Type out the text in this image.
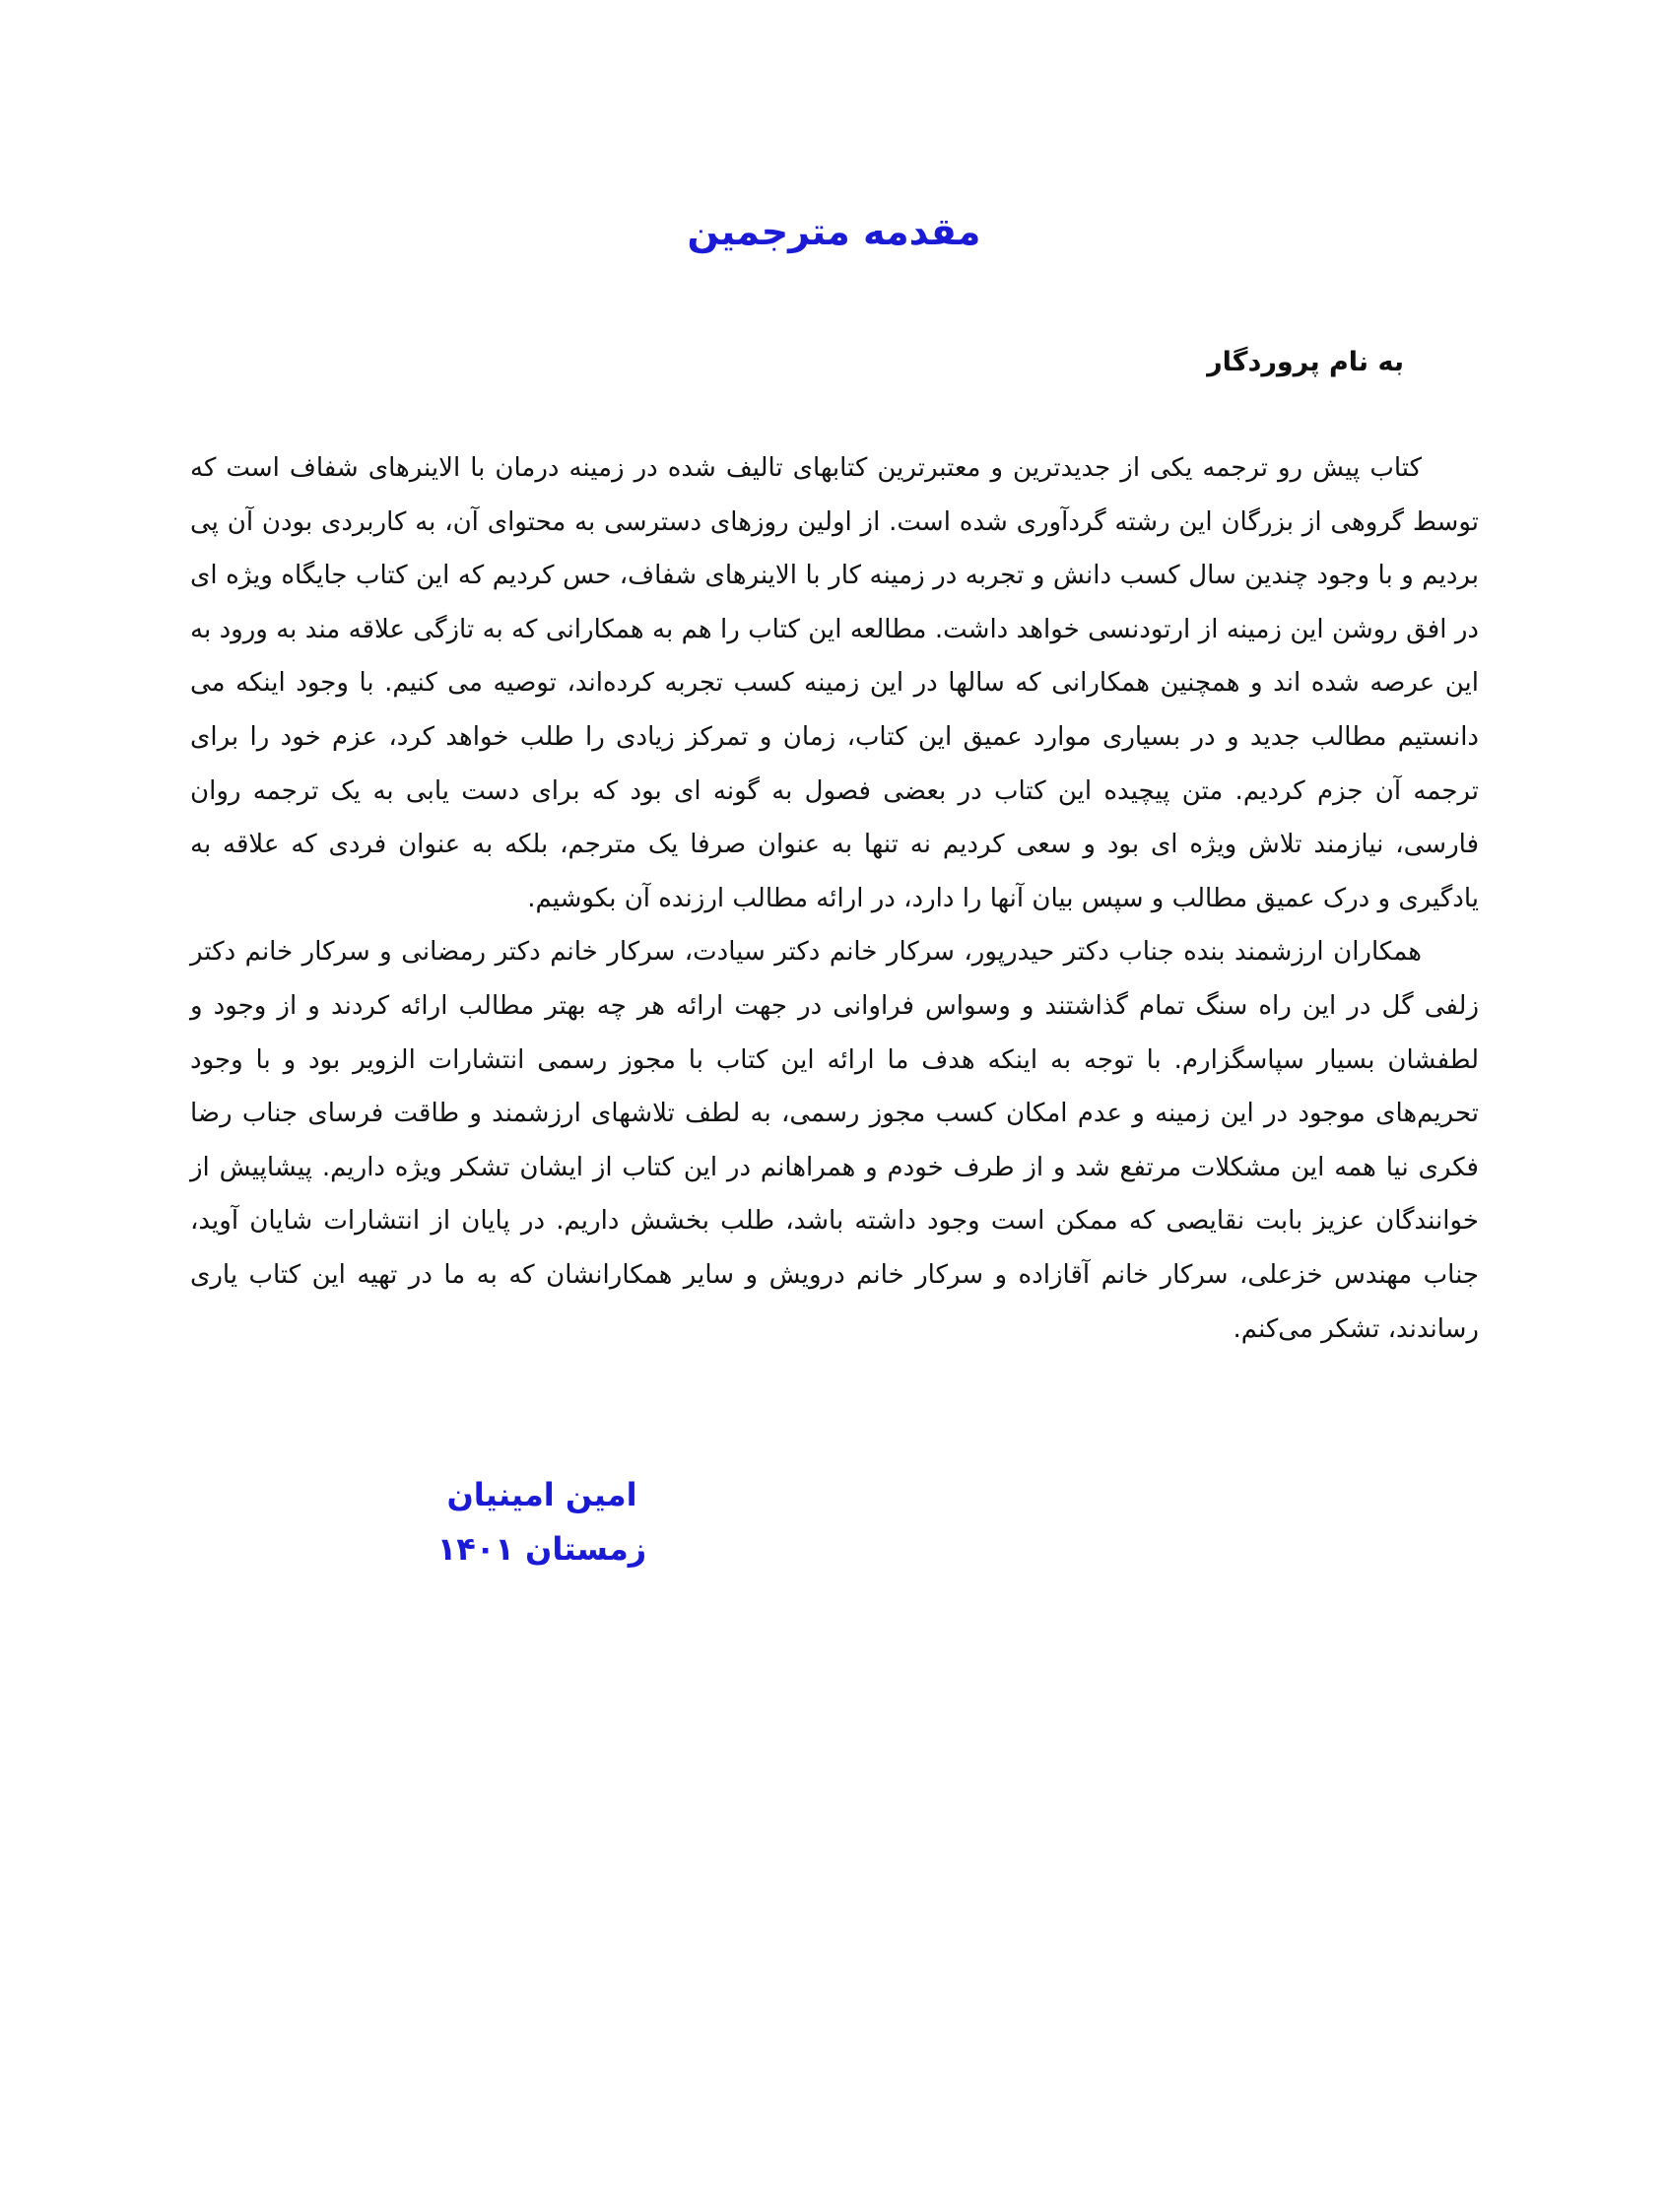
مقدمه مترجمین
به نام پروردگار

کتاب پیش رو ترجمه یکی از جدیدترین و معتبرترین کتابهای تالیف شده در زمینه درمان با الاینرهای شفاف است که توسط گروهی از بزرگان این رشته گردآوری شده است. از اولین روزهای دسترسی به محتوای آن، به کاربردی بودن آن پی بردیم و با وجود چندین سال کسب دانش و تجربه در زمینه کار با الاینرهای شفاف، حس کردیم که این کتاب جایگاه ویژه ای در افق روشن این زمینه از ارتودنسی خواهد داشت. مطالعه این کتاب را هم به همکارانی که به تازگی علاقه مند به ورود به این عرصه شده اند و همچنین همکارانی که سالها در این زمینه کسب تجربه کرده‌اند، توصیه می کنیم. با وجود اینکه می دانستیم مطالب جدید و در بسیاری موارد عمیق این کتاب، زمان و تمرکز زیادی را طلب خواهد کرد، عزم خود را برای ترجمه آن جزم کردیم. متن پیچیده این کتاب در بعضی فصول به گونه ای بود که برای دست یابی به یک ترجمه روان فارسی، نیازمند تلاش ویژه ای بود و سعی کردیم نه تنها به عنوان صرفا یک مترجم، بلکه به عنوان فردی که علاقه به یادگیری و درک عمیق مطالب و سپس بیان آنها را دارد، در ارائه مطالب ارزنده آن بکوشیم.

همکاران ارزشمند بنده جناب دکتر حیدرپور، سرکار خانم دکتر سیادت، سرکار خانم دکتر رمضانی و سرکار خانم دکتر زلفی گل در این راه سنگ تمام گذاشتند و وسواس فراوانی در جهت ارائه هر چه بهتر مطالب ارائه کردند و از وجود و لطفشان بسیار سپاسگزارم. با توجه به اینکه هدف ما ارائه این کتاب با مجوز رسمی انتشارات الزویر بود و با وجود تحریم‌های موجود در این زمینه و عدم امکان کسب مجوز رسمی، به لطف تلاشهای ارزشمند و طاقت فرسای جناب رضا فکری نیا همه این مشکلات مرتفع شد و از طرف خودم و همراهانم در این کتاب از ایشان تشکر ویژه داریم. پیشاپیش از خوانندگان عزیز بابت نقایصی که ممکن است وجود داشته باشد، طلب بخشش داریم. در پایان از انتشارات شایان آوید، جناب مهندس خزعلی، سرکار خانم آقازاده و سرکار خانم درویش و سایر همکارانشان که به ما در تهیه این کتاب یاری رساندند، تشکر می‌کنم.

امین امینیان
زمستان ۱۴۰۱
